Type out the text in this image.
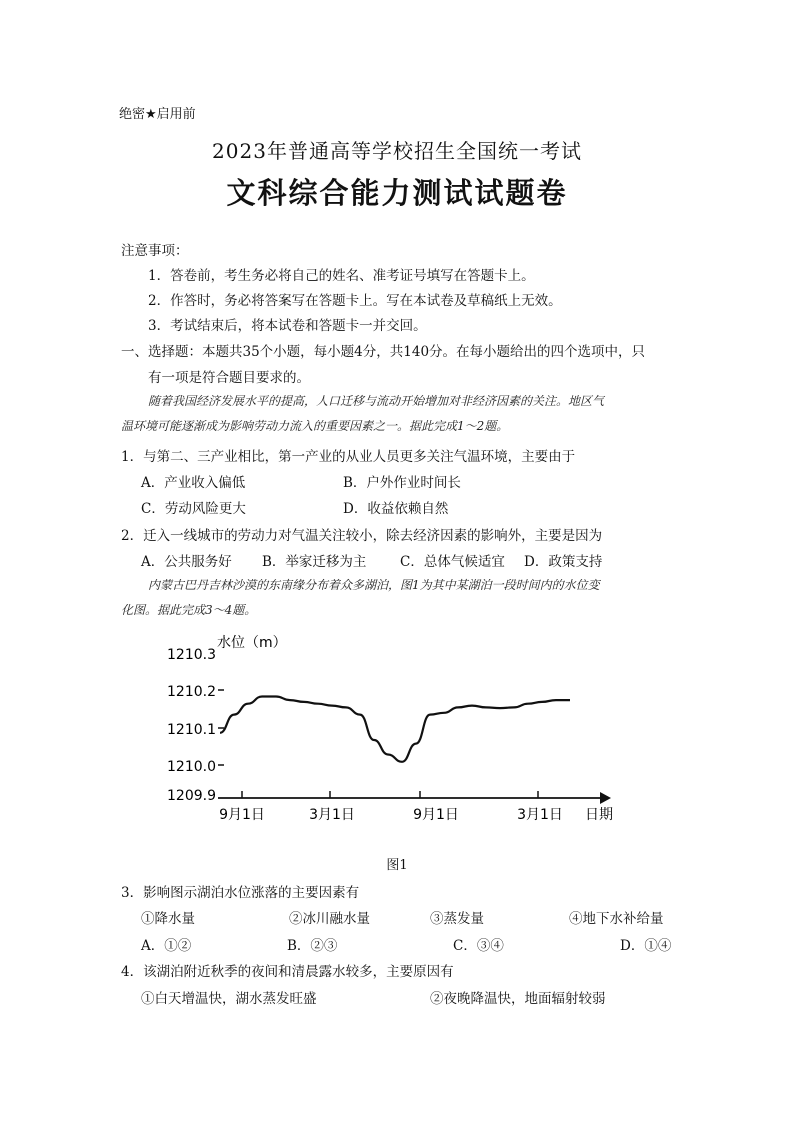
绝密★启用前
2023年普通高等学校招生全国统一考试
文科综合能力测试试题卷
注意事项：
1．答卷前，考生务必将自己的姓名、准考证号填写在答题卡上。
2．作答时，务必将答案写在答题卡上。写在本试卷及草稿纸上无效。
3．考试结束后，将本试卷和答题卡一并交回。
一、选择题：本题共35个小题，每小题4分，共140分。在每小题给出的四个选项中，只
有一项是符合题目要求的。
随着我国经济发展水平的提高，人口迁移与流动开始增加对非经济因素的关注。地区气
温环境可能逐渐成为影响劳动力流入的重要因素之一。据此完成1～2题。
1．与第二、三产业相比，第一产业的从业人员更多关注气温环境，主要由于
A．产业收入偏低	B．户外作业时间长
C．劳动风险更大	D．收益依赖自然
2．迁入一线城市的劳动力对气温关注较小，除去经济因素的影响外，主要是因为
A．公共服务好 B．举家迁移为主 C．总体气候适宜 D．政策支持
内蒙古巴丹吉林沙漠的东南缘分布着众多湖泊，图1为其中某湖泊一段时间内的水位变
化图。据此完成3～4题。
水位（m）
1210.3
1210.2
1210.1
1210.0
1209.9
9月1日	3月1日	9月1日	3月1日 日期
图1
3．影响图示湖泊水位涨落的主要因素有
①降水量	②冰川融水量	③蒸发量	④地下水补给量
A．①②	B．②③	C．③④	D．①④
4．该湖泊附近秋季的夜间和清晨露水较多，主要原因有
①白天增温快，湖水蒸发旺盛	②夜晚降温快，地面辐射较弱
